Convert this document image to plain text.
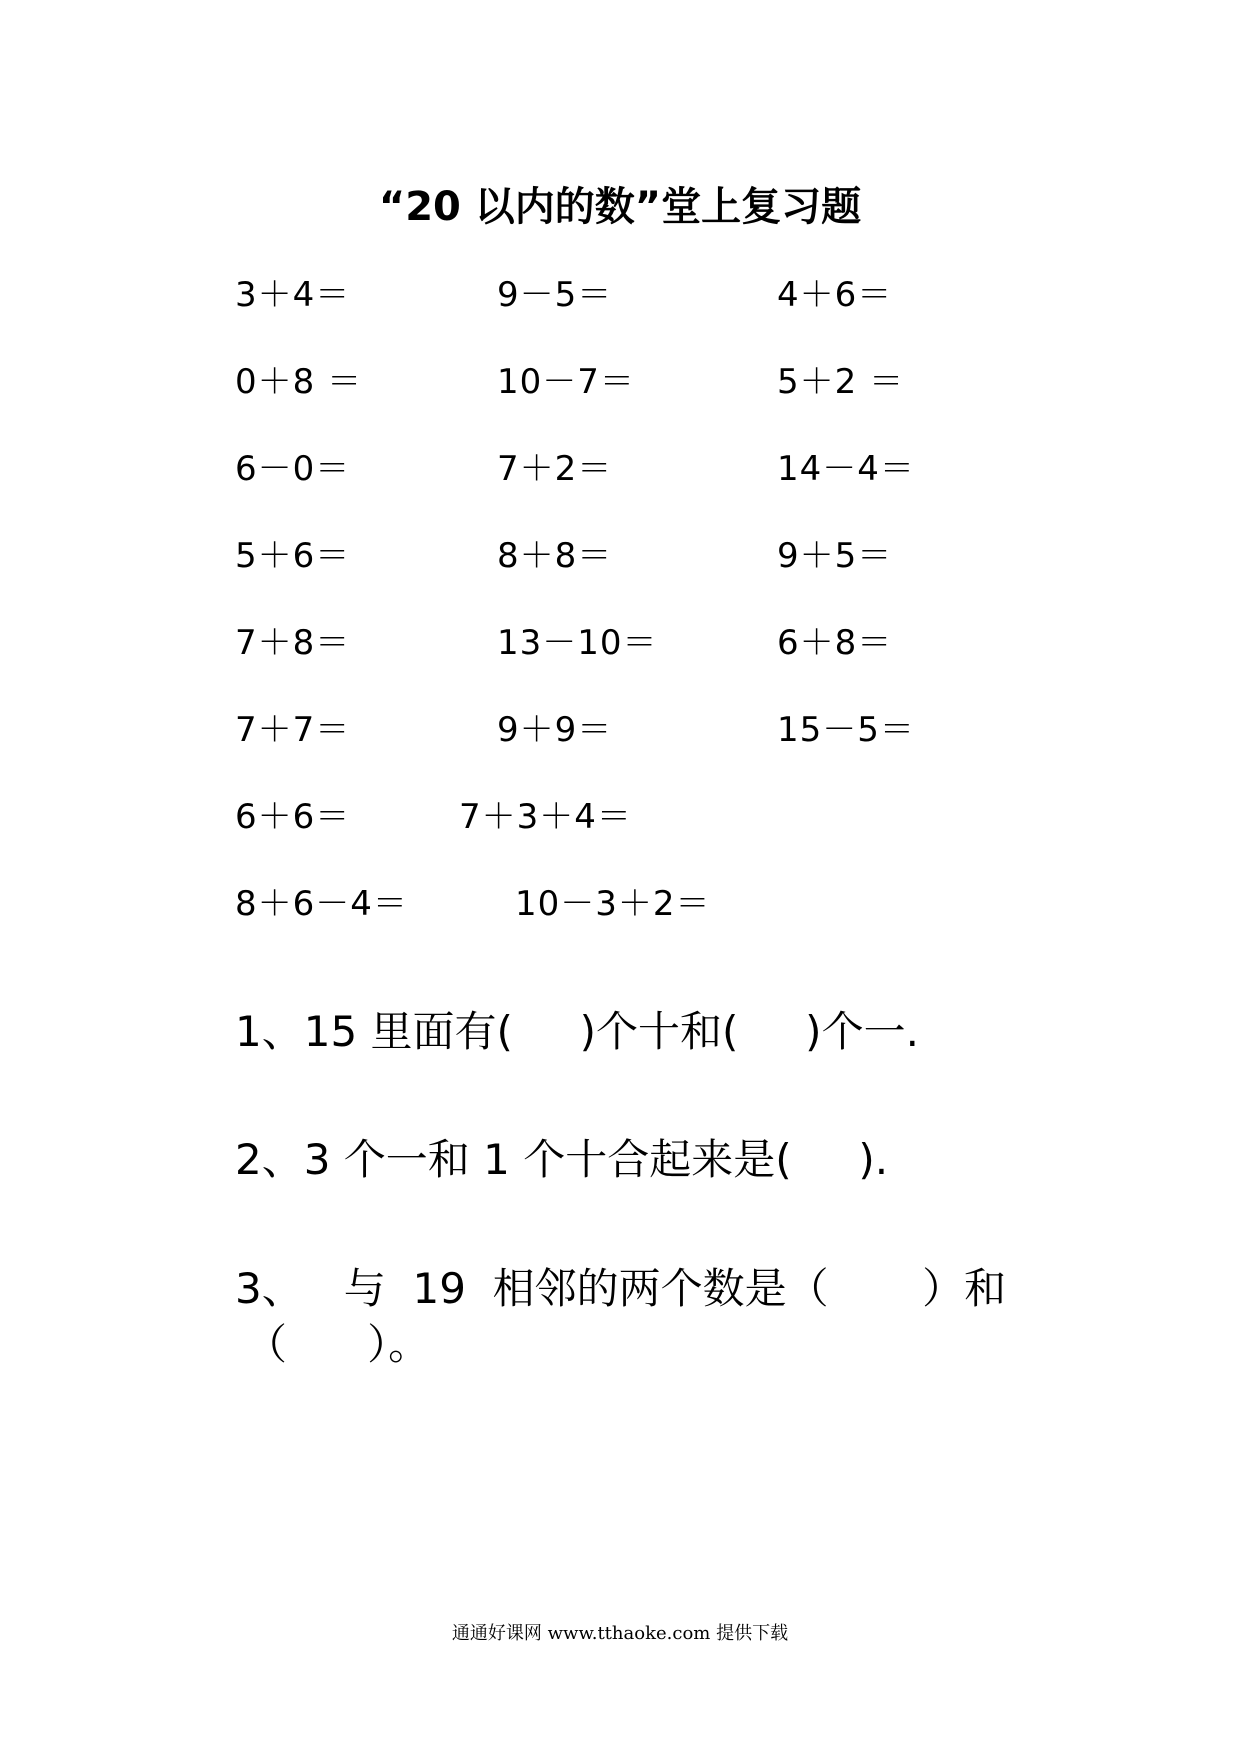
“20 以内的数”堂上复习题
3＋4＝	9－5＝	4＋6＝
0＋8 ＝	10－7＝	5＋2 ＝
6－0＝	7＋2＝	14－4＝
5＋6＝	8＋8＝	9＋5＝
7＋8＝	13－10＝	6＋8＝
7＋7＝	9＋9＝	15－5＝
6＋6＝	7＋3＋4＝
8＋6－4＝	10－3＋2＝
1、15 里面有(     )个十和(     )个一.
2、3 个一和 1 个十合起来是(     ).
3、   与  19  相邻的两个数是（       ）和
（      ）。
通通好课网 www.tthaoke.com 提供下载
